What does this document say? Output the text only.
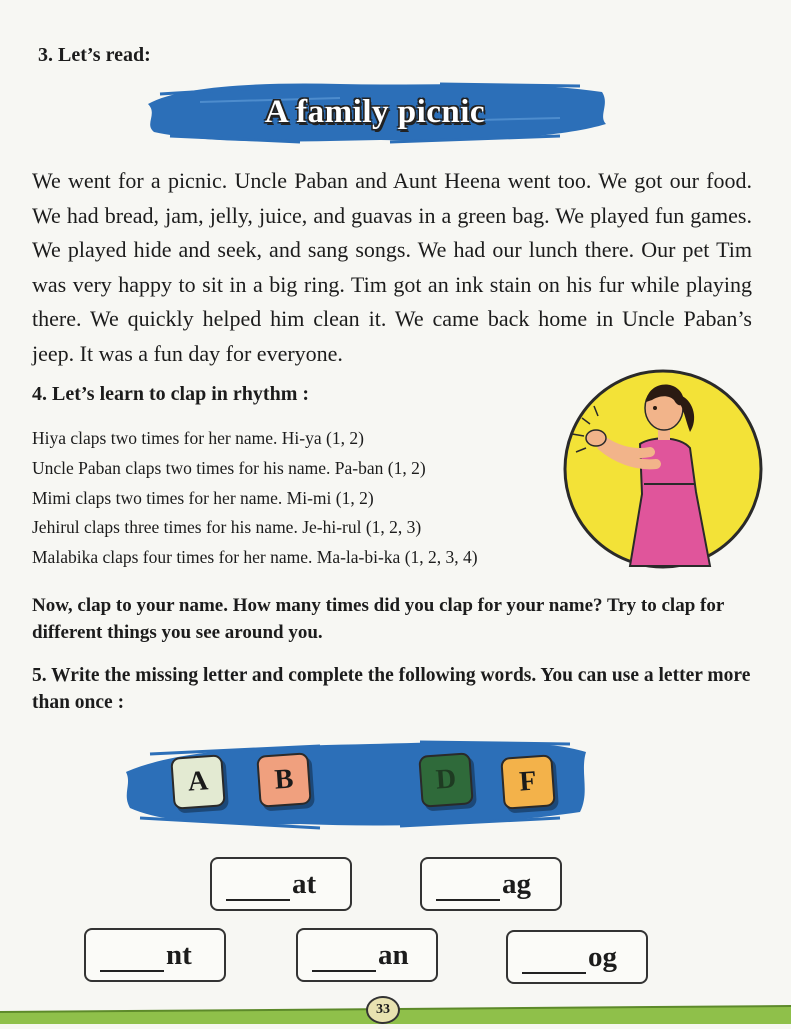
3. Let’s read:
A family picnic
We went for a picnic. Uncle Paban and Aunt Heena went too. We got our food. We had bread, jam, jelly, juice, and guavas in a green bag. We played fun games. We played hide and seek, and sang songs. We had our lunch there. Our pet Tim was very happy to sit in a big ring. Tim got an ink stain on his fur while playing there. We quickly helped him clean it. We came back home in Uncle Paban’s jeep. It was a fun day for everyone.
4. Let’s learn to clap in rhythm :
Hiya claps two times for her name. Hi-ya (1, 2)
Uncle Paban claps two times for his name. Pa-ban (1, 2)
Mimi claps two times for her name. Mi-mi (1, 2)
Jehirul claps three times for his name. Je-hi-rul (1, 2, 3)
Malabika claps four times for her name. Ma-la-bi-ka (1, 2, 3, 4)
Now, clap to your name. How many times did you clap for your name? Try to clap for different things you see around you.
5. Write the missing letter and complete the following words. You can use a letter more than once :
A	B	D	F
at	ag
nt	an	og
33
